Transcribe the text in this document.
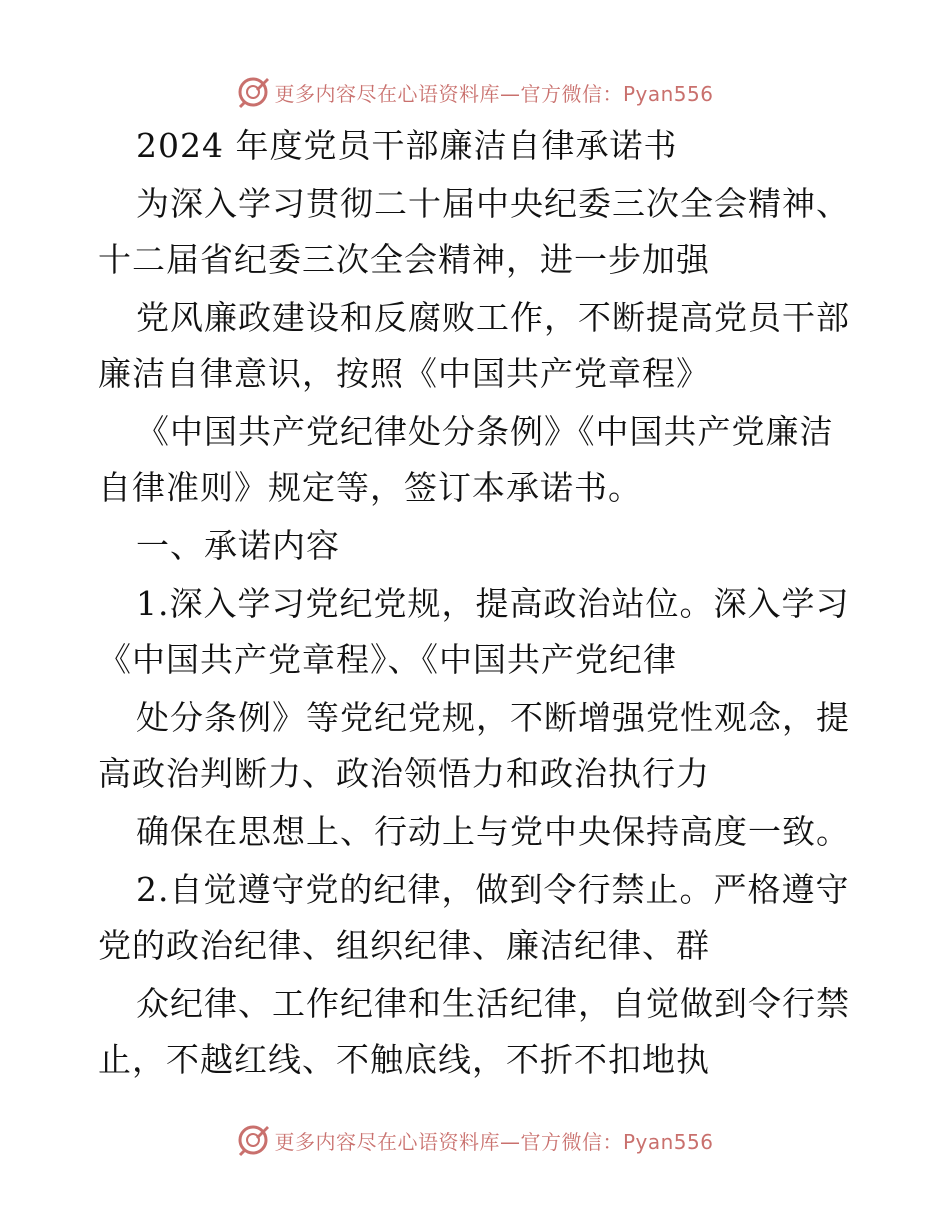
更多内容尽在心语资料库—官方微信：Pyan556
2024 年度党员干部廉洁自律承诺书
为深入学习贯彻二十届中央纪委三次全会精神、
十二届省纪委三次全会精神，进一步加强
党风廉政建设和反腐败工作，不断提高党员干部
廉洁自律意识，按照《中国共产党章程》
《中国共产党纪律处分条例》《中国共产党廉洁
自律准则》规定等，签订本承诺书。
一、承诺内容
1.深入学习党纪党规，提高政治站位。深入学习
《中国共产党章程》、《中国共产党纪律
处分条例》等党纪党规，不断增强党性观念，提
高政治判断力、政治领悟力和政治执行力
确保在思想上、行动上与党中央保持高度一致。
2.自觉遵守党的纪律，做到令行禁止。严格遵守
党的政治纪律、组织纪律、廉洁纪律、群
众纪律、工作纪律和生活纪律，自觉做到令行禁
止，不越红线、不触底线，不折不扣地执
更多内容尽在心语资料库—官方微信：Pyan556
